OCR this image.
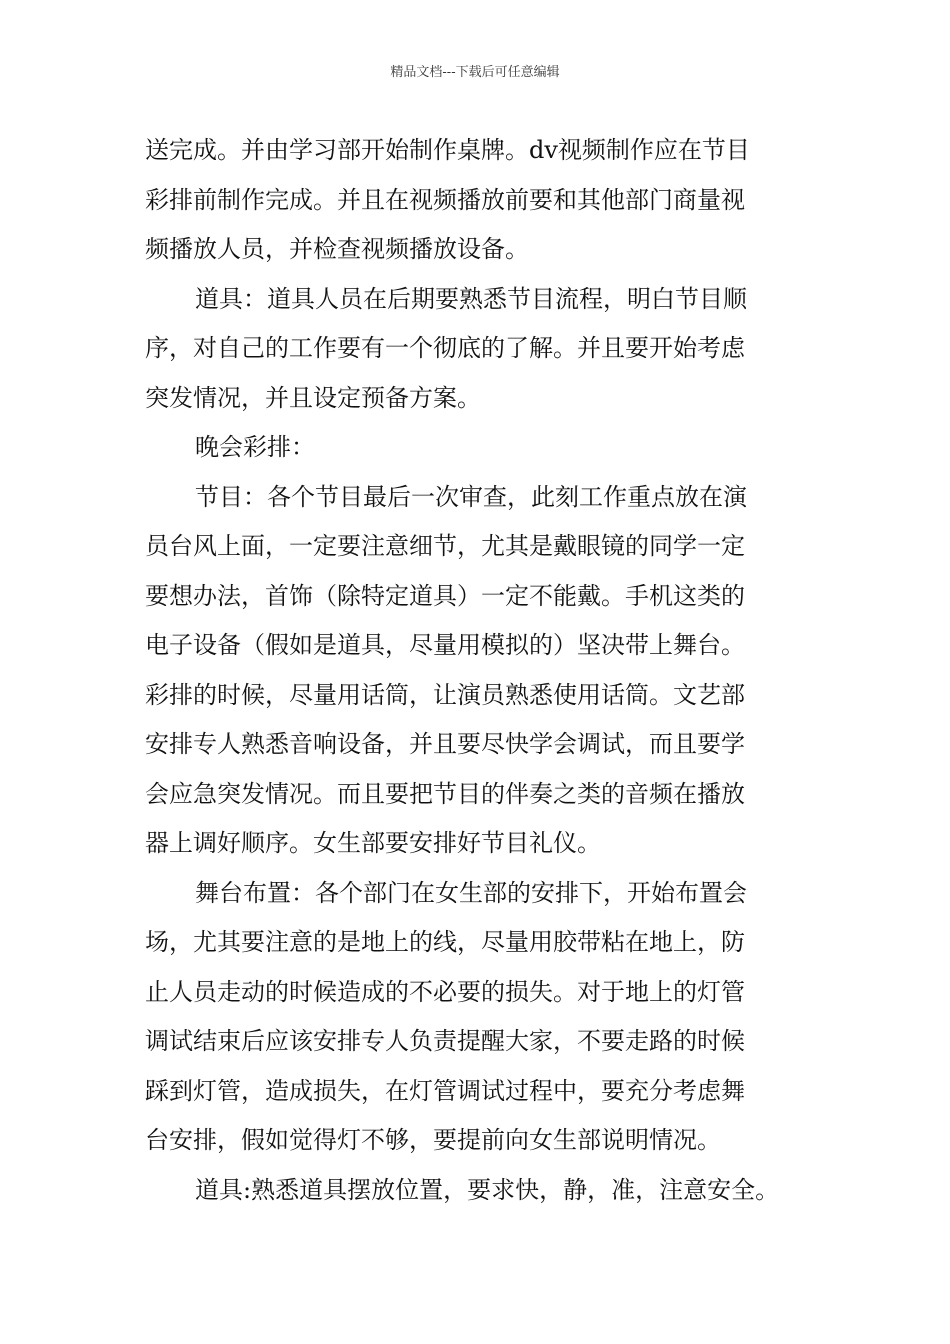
精品文档---下载后可任意编辑
送完成。并由学习部开始制作桌牌。dv视频制作应在节目
彩排前制作完成。并且在视频播放前要和其他部门商量视
频播放人员，并检查视频播放设备。
道具：道具人员在后期要熟悉节目流程，明白节目顺
序，对自己的工作要有一个彻底的了解。并且要开始考虑
突发情况，并且设定预备方案。
晚会彩排：
节目：各个节目最后一次审查，此刻工作重点放在演
员台风上面，一定要注意细节，尤其是戴眼镜的同学一定
要想办法，首饰（除特定道具）一定不能戴。手机这类的
电子设备（假如是道具，尽量用模拟的）坚决带上舞台。
彩排的时候，尽量用话筒，让演员熟悉使用话筒。文艺部
安排专人熟悉音响设备，并且要尽快学会调试，而且要学
会应急突发情况。而且要把节目的伴奏之类的音频在播放
器上调好顺序。女生部要安排好节目礼仪。
舞台布置：各个部门在女生部的安排下，开始布置会
场，尤其要注意的是地上的线，尽量用胶带粘在地上，防
止人员走动的时候造成的不必要的损失。对于地上的灯管
调试结束后应该安排专人负责提醒大家，不要走路的时候
踩到灯管，造成损失，在灯管调试过程中，要充分考虑舞
台安排，假如觉得灯不够，要提前向女生部说明情况。
道具:熟悉道具摆放位置，要求快，静，准，注意安全。
